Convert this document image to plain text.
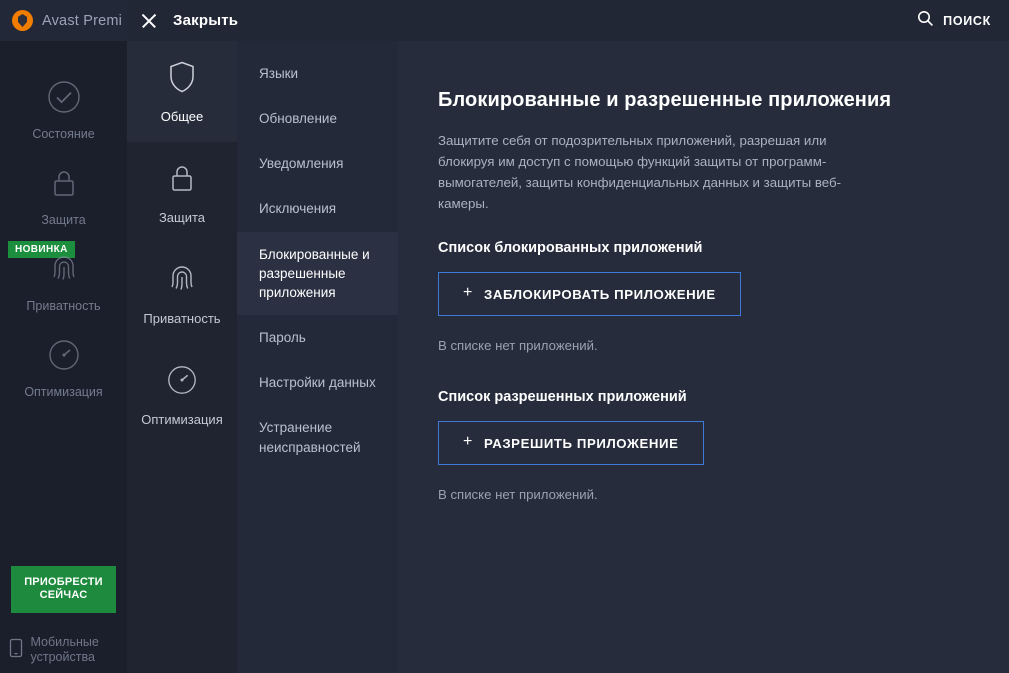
Avast Premi
Состояние
Защита
НОВИНКА
Приватность
Оптимизация
ПРИОБРЕСТИ СЕЙЧАС
Мобильные устройства
Закрыть	ПОИСК
Общее
Защита
Приватность
Оптимизация
Языки
Обновление
Уведомления
Исключения
Блокированные и разрешенные приложения
Пароль
Настройки данных
Устранение неисправностей
Блокированные и разрешенные приложения
Защитите себя от подозрительных приложений, разрешая или блокируя им доступ с помощью функций защиты от программ-вымогателей, защиты конфиденциальных данных и защиты веб-камеры.
Список блокированных приложений
+ ЗАБЛОКИРОВАТЬ ПРИЛОЖЕНИЕ
В списке нет приложений.
Список разрешенных приложений
+ РАЗРЕШИТЬ ПРИЛОЖЕНИЕ
В списке нет приложений.
